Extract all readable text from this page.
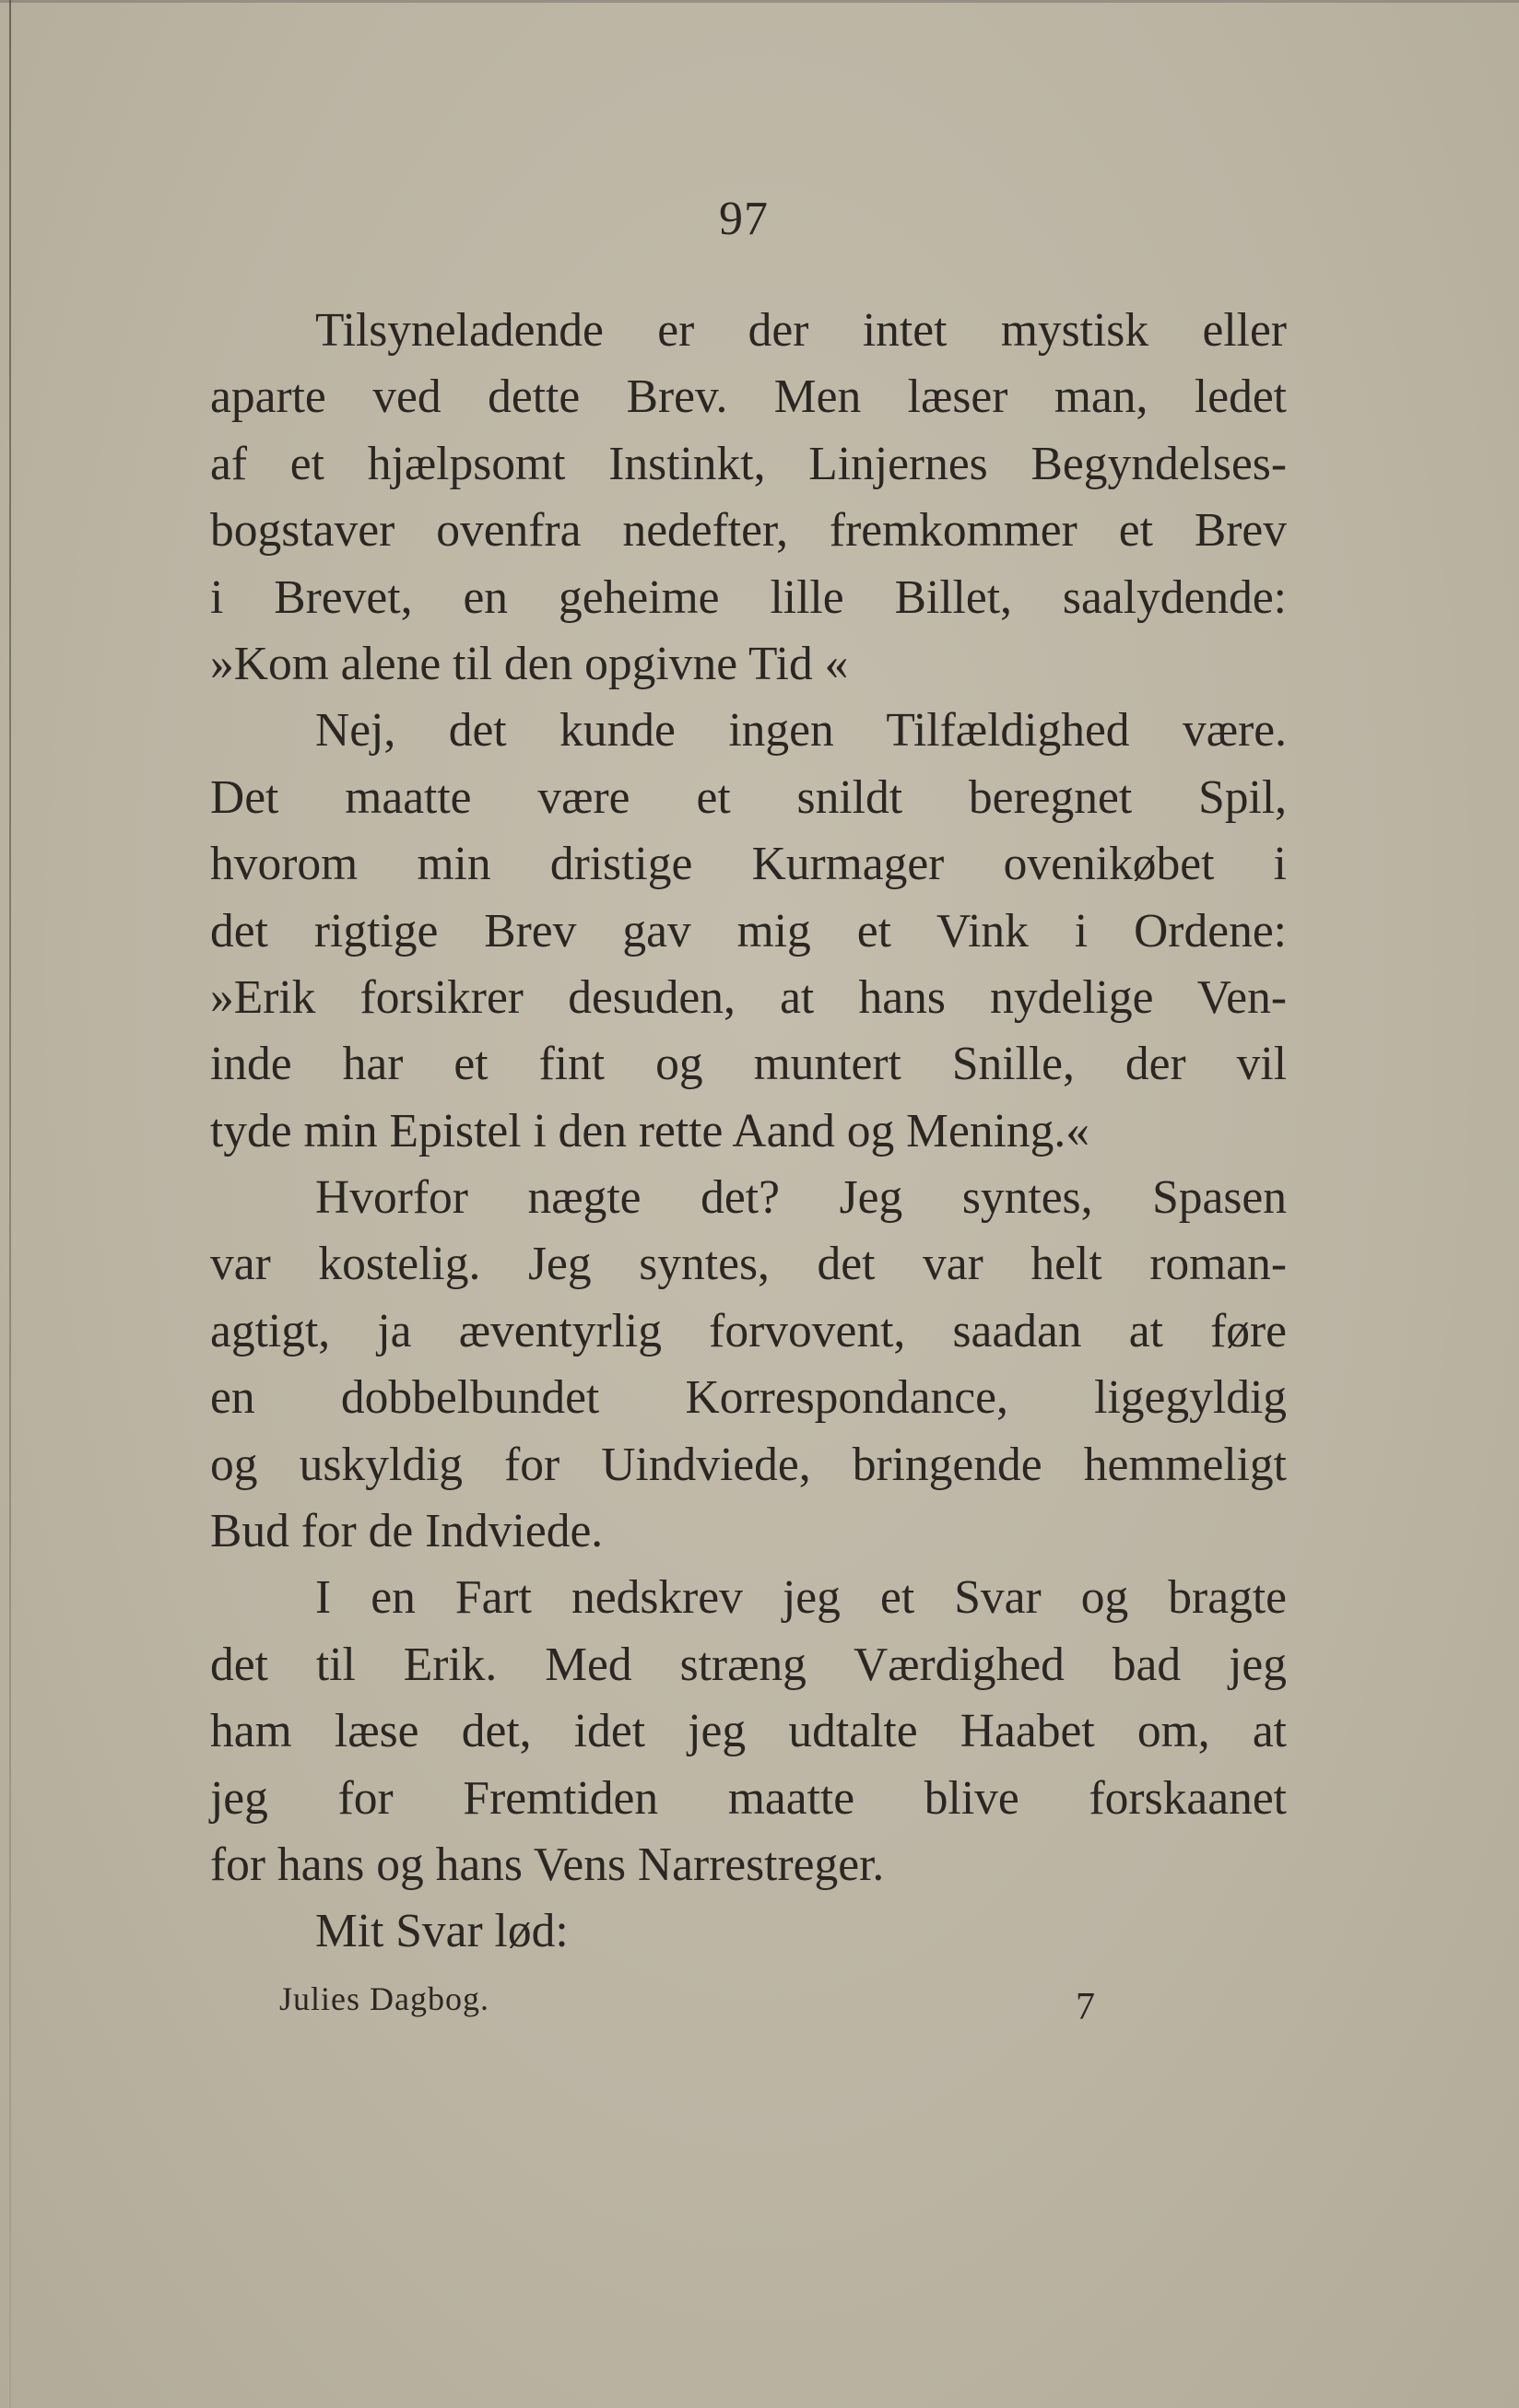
97
Tilsyneladende er der intet mystisk eller
aparte ved dette Brev. Men læser man, ledet
af et hjælpsomt Instinkt, Linjernes Begyndelses-
bogstaver ovenfra nedefter, fremkommer et Brev
i Brevet, en geheime lille Billet, saalydende:
»Kom alene til den opgivne Tid «
Nej, det kunde ingen Tilfældighed være.
Det maatte være et snildt beregnet Spil,
hvorom min dristige Kurmager ovenikøbet i
det rigtige Brev gav mig et Vink i Ordene:
»Erik forsikrer desuden, at hans nydelige Ven-
inde har et fint og muntert Snille, der vil
tyde min Epistel i den rette Aand og Mening.«
Hvorfor nægte det? Jeg syntes, Spasen
var kostelig. Jeg syntes, det var helt roman-
agtigt, ja æventyrlig forvovent, saadan at føre
en dobbelbundet Korrespondance, ligegyldig
og uskyldig for Uindviede, bringende hemmeligt
Bud for de Indviede.
I en Fart nedskrev jeg et Svar og bragte
det til Erik. Med stræng Værdighed bad jeg
ham læse det, idet jeg udtalte Haabet om, at
jeg for Fremtiden maatte blive forskaanet
for hans og hans Vens Narrestreger.
Mit Svar lød:
Julies Dagbog.	7
